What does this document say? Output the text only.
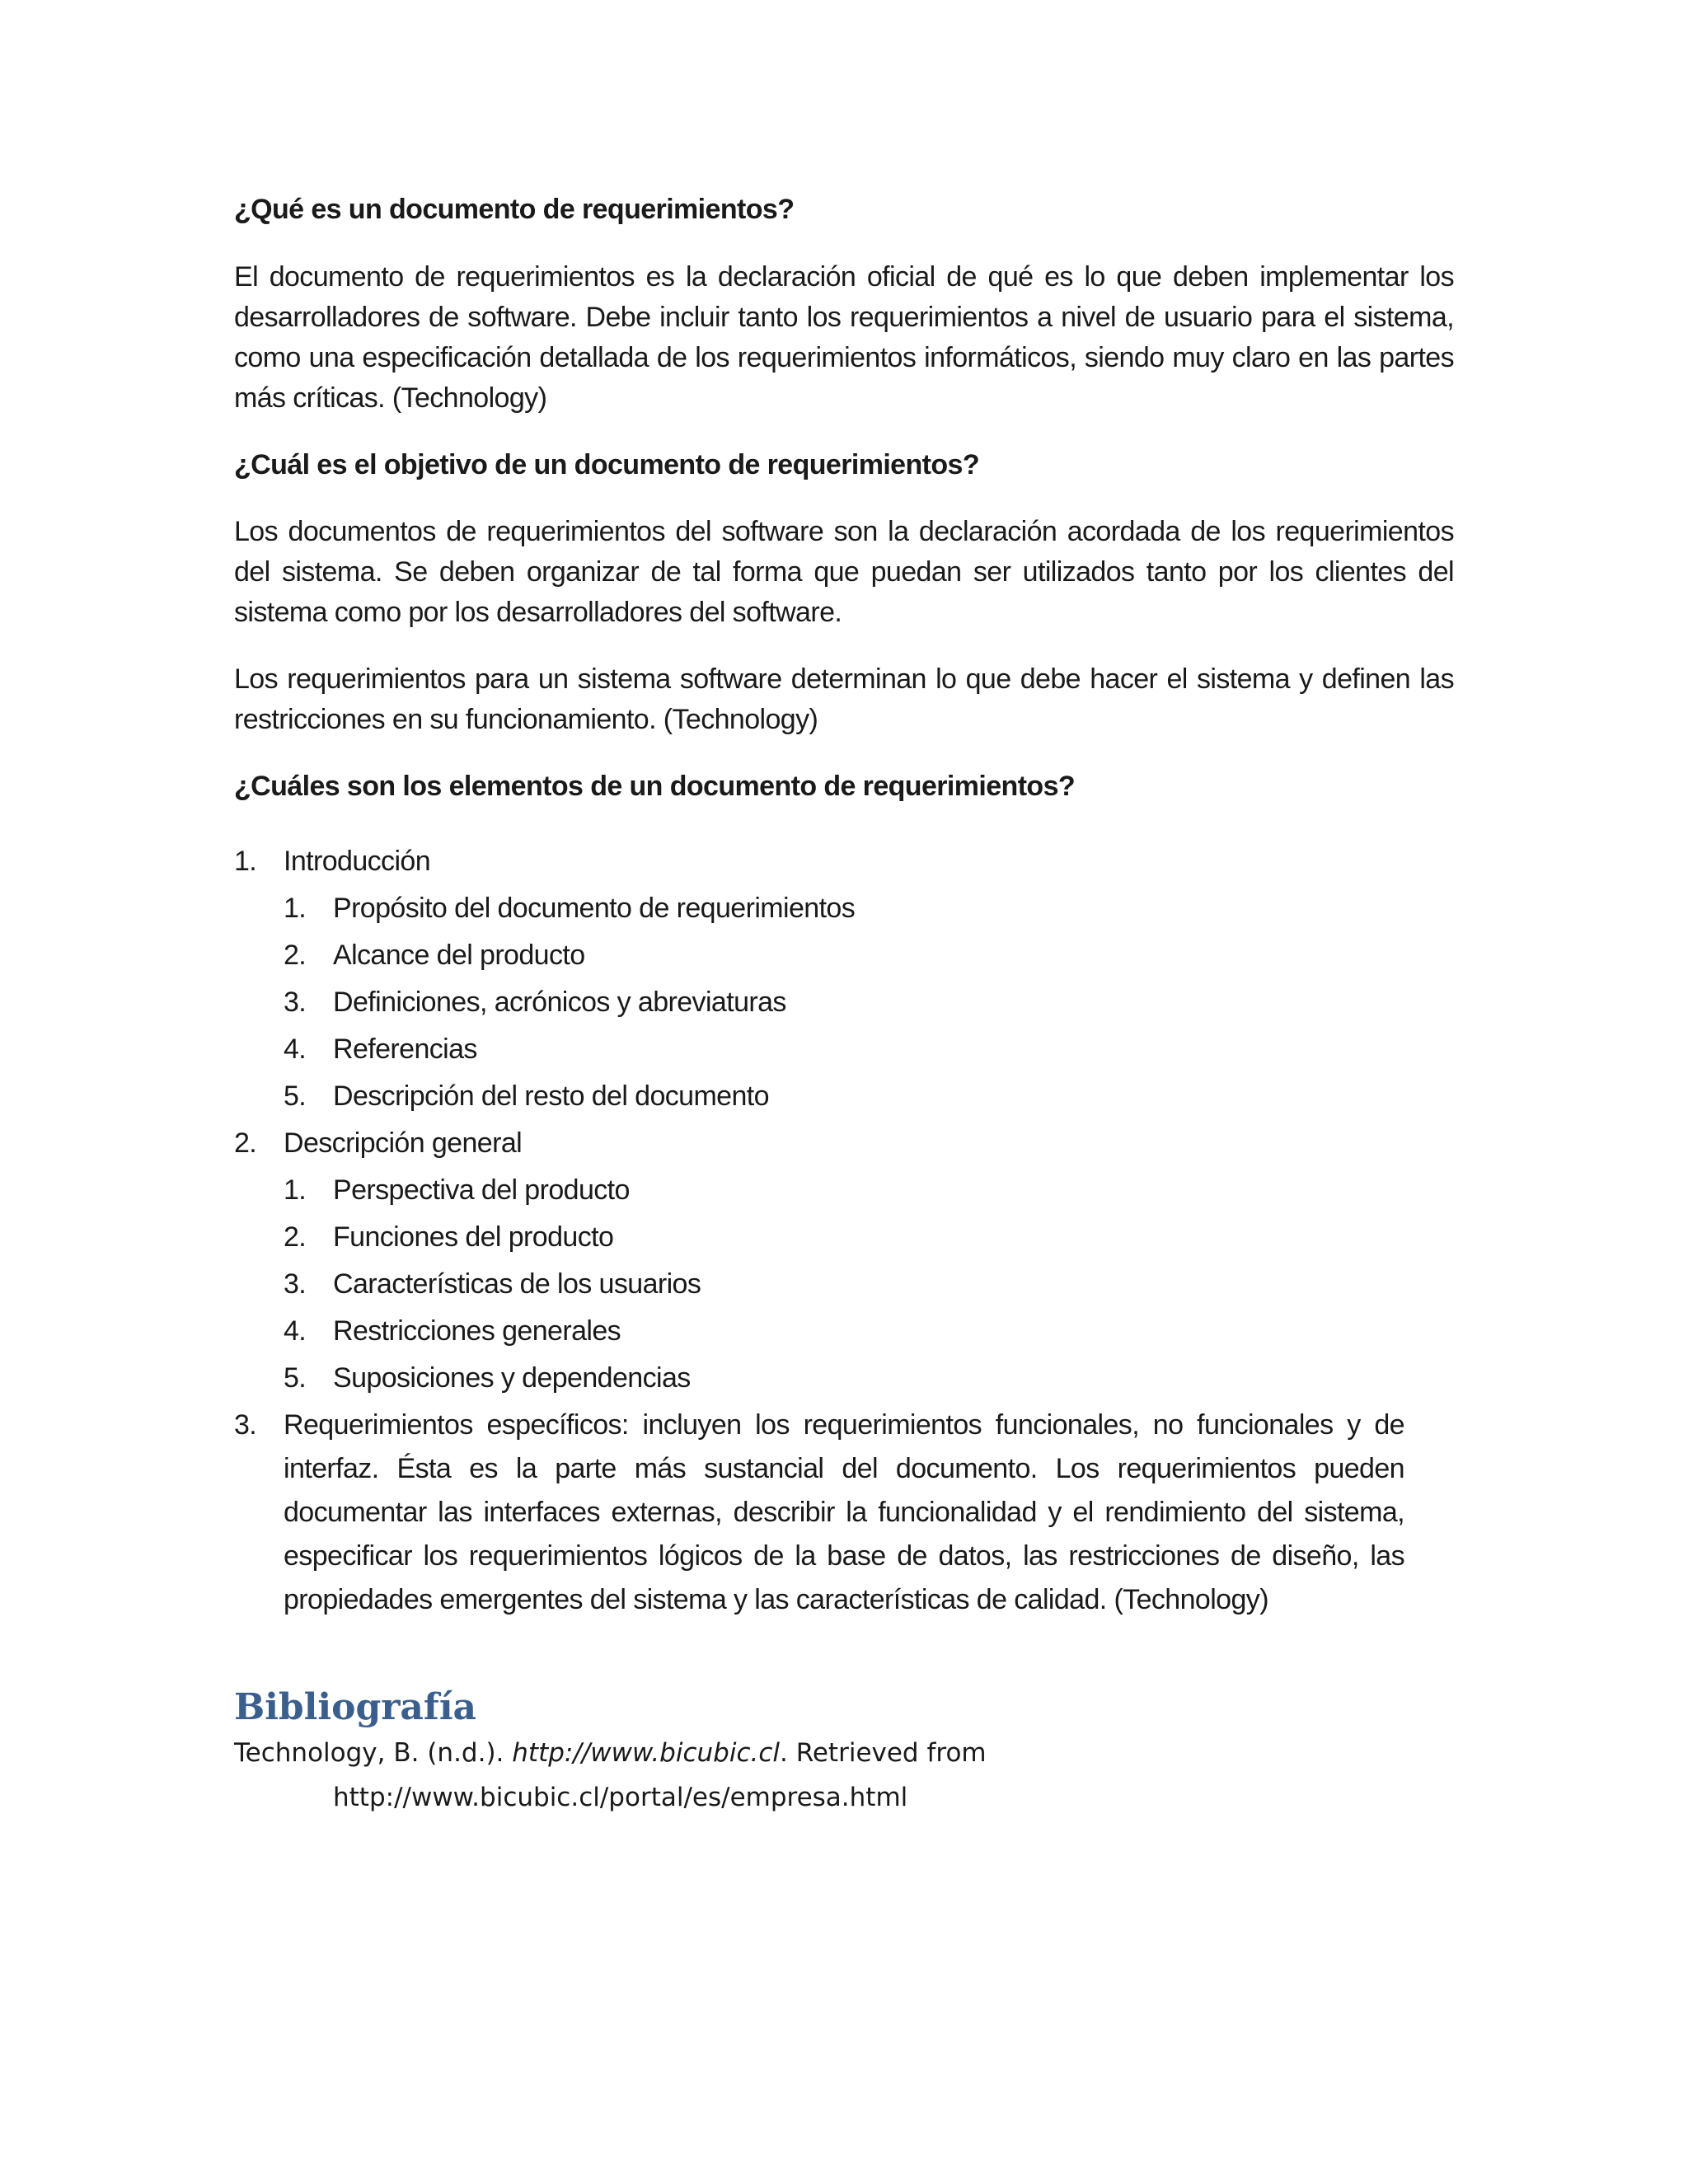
¿Qué es un documento de requerimientos?

El documento de requerimientos es la declaración oficial de qué es lo que deben implementar los desarrolladores de software. Debe incluir tanto los requerimientos a nivel de usuario para el sistema, como una especificación detallada de los requerimientos informáticos, siendo muy claro en las partes más críticas. (Technology)

¿Cuál es el objetivo de un documento de requerimientos?

Los documentos de requerimientos del software son la declaración acordada de los requerimientos del sistema. Se deben organizar de tal forma que puedan ser utilizados tanto por los clientes del sistema como por los desarrolladores del software.

Los requerimientos para un sistema software determinan lo que debe hacer el sistema y definen las restricciones en su funcionamiento. (Technology)

¿Cuáles son los elementos de un documento de requerimientos?

1. Introducción
1. Propósito del documento de requerimientos
2. Alcance del producto
3. Definiciones, acrónicos y abreviaturas
4. Referencias
5. Descripción del resto del documento
2. Descripción general
1. Perspectiva del producto
2. Funciones del producto
3. Características de los usuarios
4. Restricciones generales
5. Suposiciones y dependencias
3. Requerimientos específicos: incluyen los requerimientos funcionales, no funcionales y de interfaz. Ésta es la parte más sustancial del documento. Los requerimientos pueden documentar las interfaces externas, describir la funcionalidad y el rendimiento del sistema, especificar los requerimientos lógicos de la base de datos, las restricciones de diseño, las propiedades emergentes del sistema y las características de calidad. (Technology)
Bibliografía
Technology, B. (n.d.). http://www.bicubic.cl. Retrieved from
http://www.bicubic.cl/portal/es/empresa.html
